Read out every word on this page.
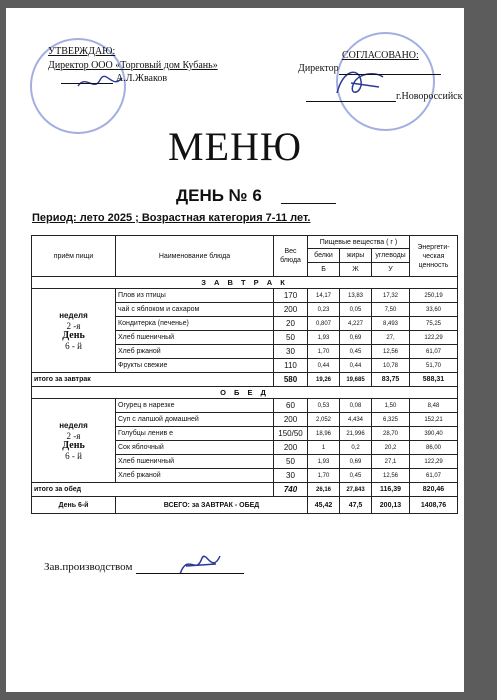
УТВЕРЖДАЮ:
Директор ООО «Торговый дом Кубань»
А.Л.Жваков
СОГЛАСОВАНО:
Директор
г.Новороссийск
МЕНЮ
ДЕНЬ № 6
Период: лето 2025 ; Возрастная категория 7-11 лет.
приём пищи	Наименование блюда	Вес блюда	Пищевые вещества ( г )			Энергети-ческая ценность
			белки	жиры	углеводы	
			Б	Ж	У	
З А В Т Р А К						

неделя
2 -я
День
6 - й	Плов из птицы	170	14,17	13,83	17,32	250,19
	чай с яблоком и сахаром	200	0,23	0,05	7,50	33,60
	Кондитерка (печенье)	20	0,807	4,227	8,493	75,25
	Хлеб пшеничный	50	1,93	0,69	27,	122,29
	Хлеб ржаной	30	1,70	0,45	12,56	61,07
	Фрукты свежие	110	0,44	0,44	10,78	51,70
итого за завтрак		580	19,26	19,685	83,75	588,31
О Б Е Д						

неделя
2 -я
День
6 - й	Огурец в нарезке	60	0,53	0,08	1,50	8,48
	Суп с лапшой домашней	200	2,052	4,434	6,325	152,21
	Голубцы ленив е	150/50	18,96	21,996	28,70	390,40
	Сок яблочный	200	1	0,2	20,2	86,00
	Хлеб пшеничный	50	1,93	0,69	27,1	122,29
	Хлеб ржаной	30	1,70	0,45	12,56	61,07
итого за обед		740	26,16	27,843	116,39	820,46
День 6-й	ВСЕГО: за ЗАВТРАК - ОБЕД		45,42	47,5	200,13	1408,76
Зав.производством
